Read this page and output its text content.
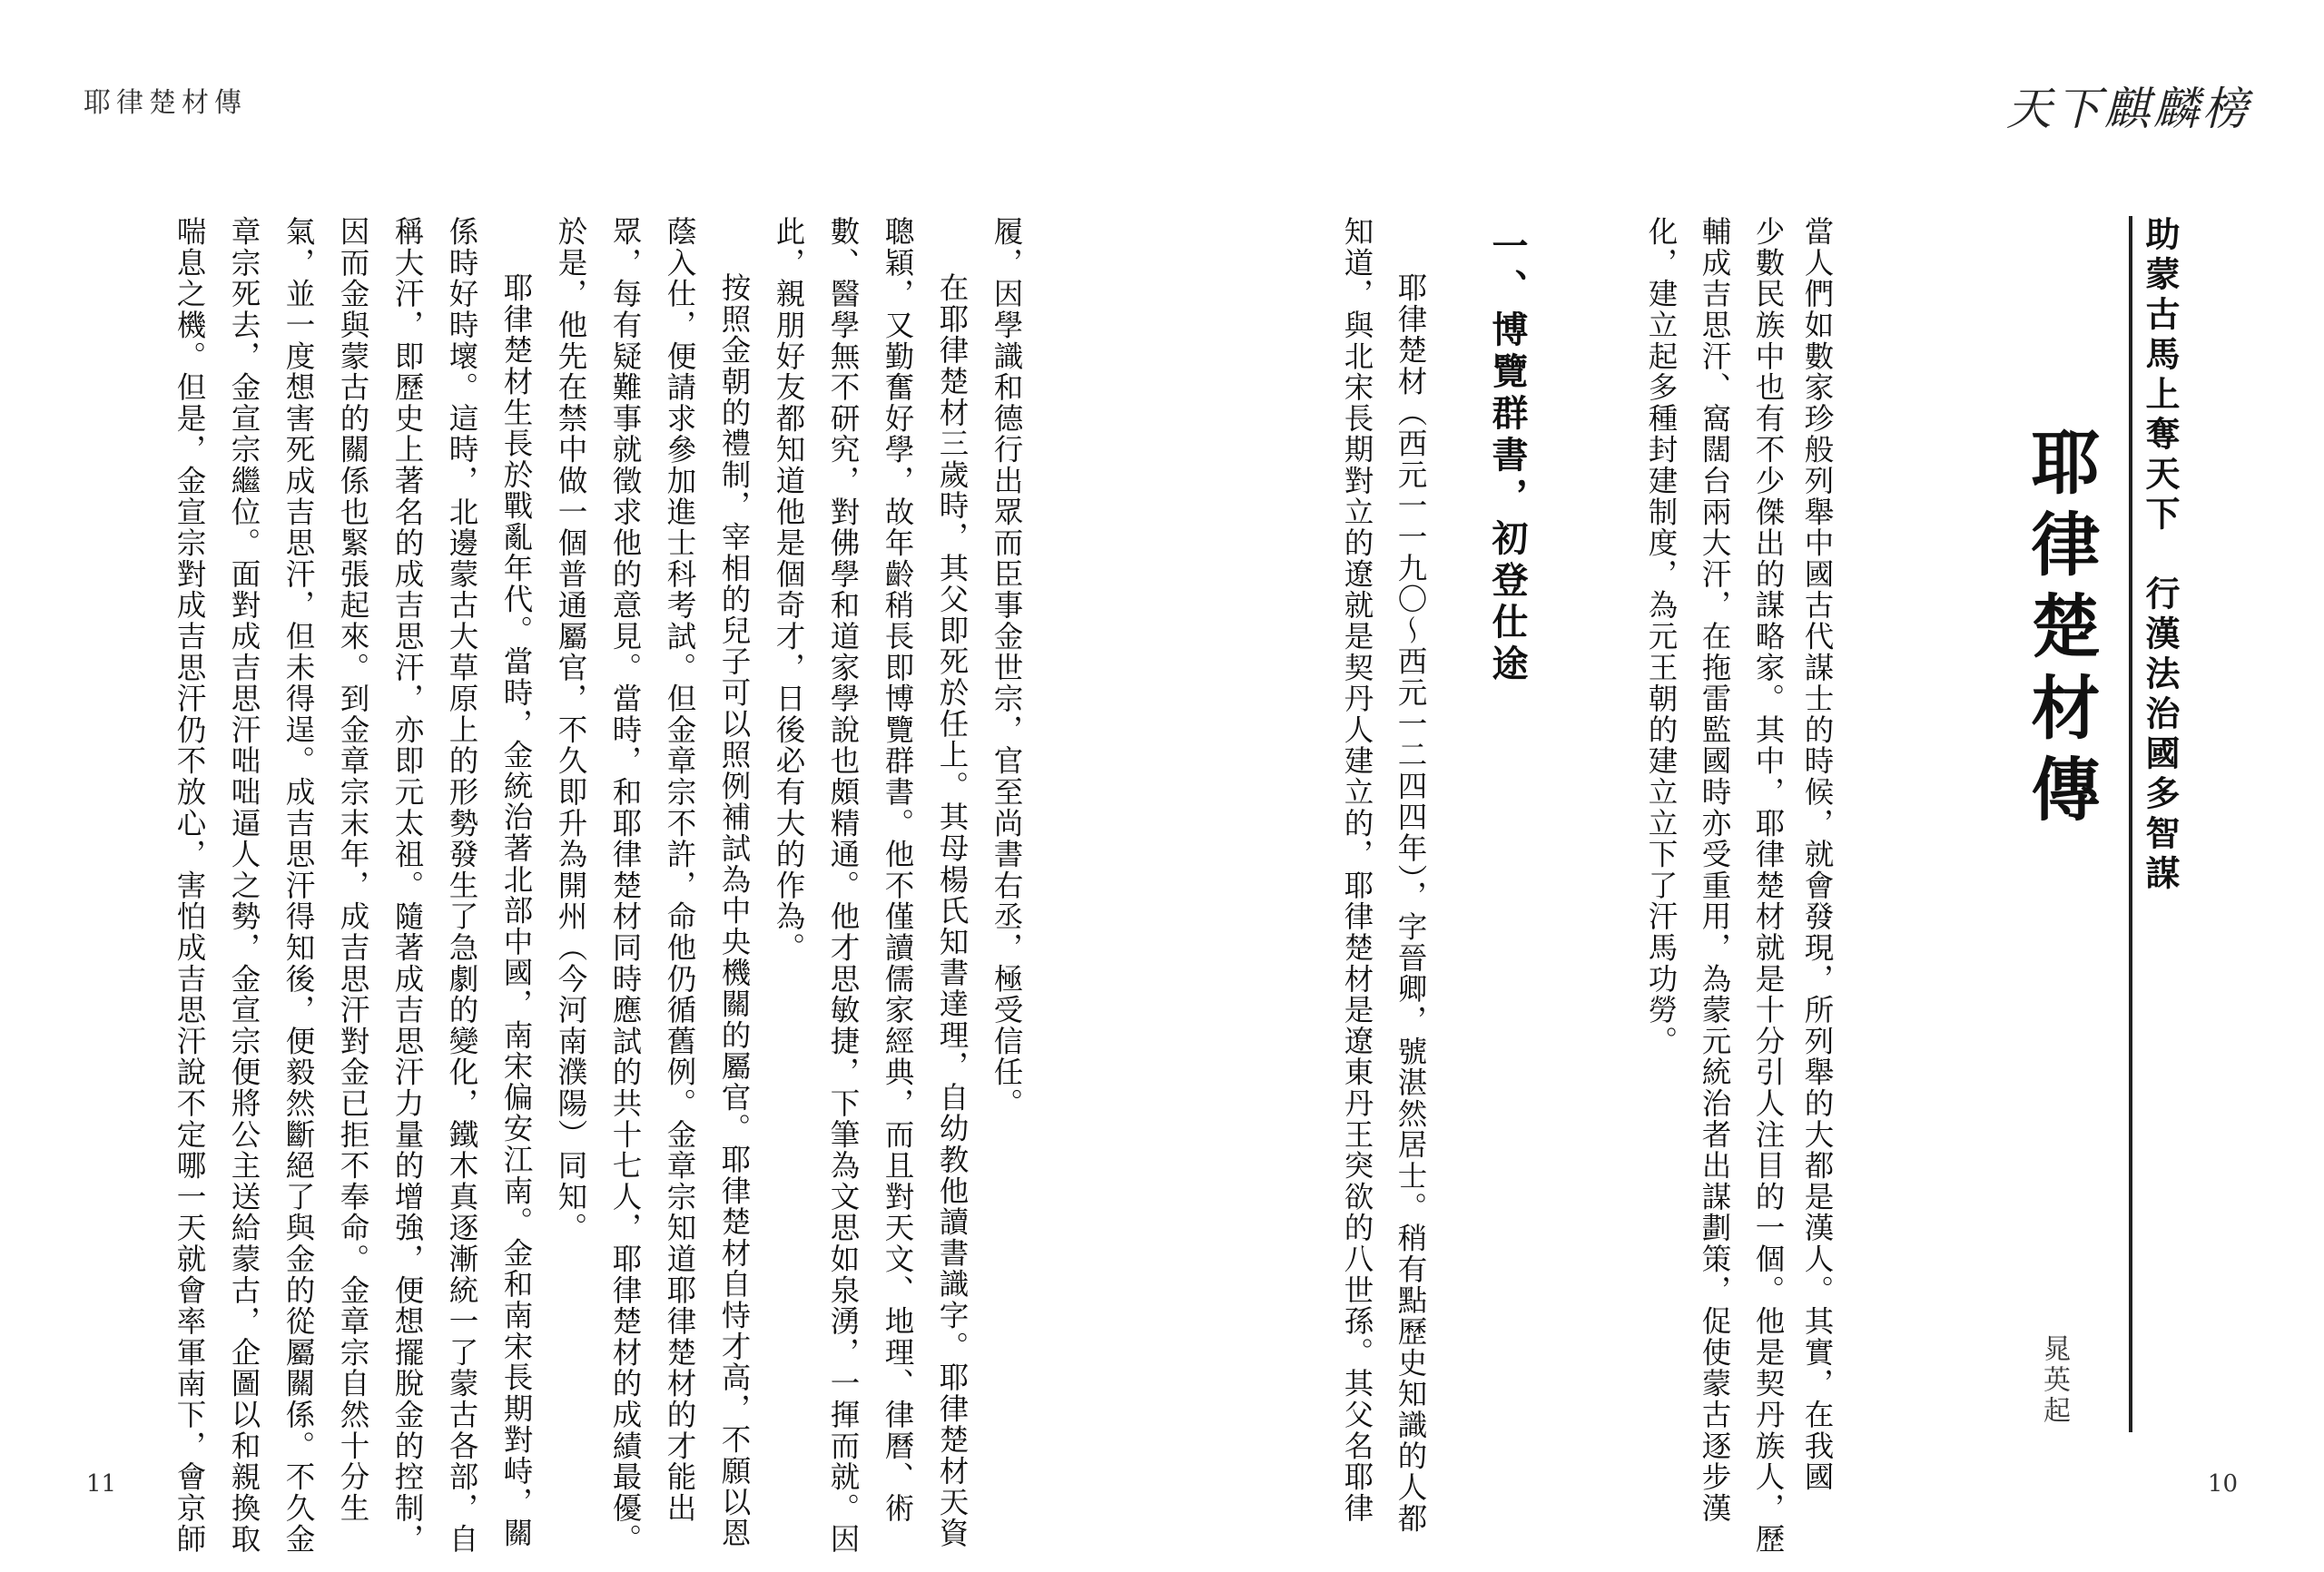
耶律楚材傳	天下麒麟榜
助蒙古馬上奪天下　行漢法治國多智謀
耶律楚材傳
晁英起
當人們如數家珍般列舉中國古代謀士的時候，就會發現，所列舉的大都是漢人。其實，在我國
少數民族中也有不少傑出的謀略家。其中，耶律楚材就是十分引人注目的一個。他是契丹族人，歷
輔成吉思汗、窩闊台兩大汗，在拖雷監國時亦受重用，為蒙元統治者出謀劃策，促使蒙古逐步漢
化，建立起多種封建制度，為元王朝的建立立下了汗馬功勞。
一、博覽群書，初登仕途
耶律楚材（西元一一九〇～西元一二四四年），字晉卿，號湛然居士。稍有點歷史知識的人都
知道，與北宋長期對立的遼就是契丹人建立的，耶律楚材是遼東丹王突欲的八世孫。其父名耶律
履，因學識和德行出眾而臣事金世宗，官至尚書右丞，極受信任。
在耶律楚材三歲時，其父即死於任上。其母楊氏知書達理，自幼教他讀書識字。耶律楚材天資
聰穎，又勤奮好學，故年齡稍長即博覽群書。他不僅讀儒家經典，而且對天文、地理、律曆、術
數、醫學無不研究，對佛學和道家學說也頗精通。他才思敏捷，下筆為文思如泉湧，一揮而就。因
此，親朋好友都知道他是個奇才，日後必有大的作為。
按照金朝的禮制，宰相的兒子可以照例補試為中央機關的屬官。耶律楚材自恃才高，不願以恩
蔭入仕，便請求參加進士科考試。但金章宗不許，命他仍循舊例。金章宗知道耶律楚材的才能出
眾，每有疑難事就徵求他的意見。當時，和耶律楚材同時應試的共十七人，耶律楚材的成績最優。
於是，他先在禁中做一個普通屬官，不久即升為開州（今河南濮陽）同知。
耶律楚材生長於戰亂年代。當時，金統治著北部中國，南宋偏安江南。金和南宋長期對峙，關
係時好時壞。這時，北邊蒙古大草原上的形勢發生了急劇的變化，鐵木真逐漸統一了蒙古各部，自
稱大汗，即歷史上著名的成吉思汗，亦即元太祖。隨著成吉思汗力量的增強，便想擺脫金的控制，
因而金與蒙古的關係也緊張起來。到金章宗末年，成吉思汗對金已拒不奉命。金章宗自然十分生
氣，並一度想害死成吉思汗，但未得逞。成吉思汗得知後，便毅然斷絕了與金的從屬關係。不久金
章宗死去，金宣宗繼位。面對成吉思汗咄咄逼人之勢，金宣宗便將公主送給蒙古，企圖以和親換取
喘息之機。但是，金宣宗對成吉思汗仍不放心，害怕成吉思汗說不定哪一天就會率軍南下，會京師
11	10
